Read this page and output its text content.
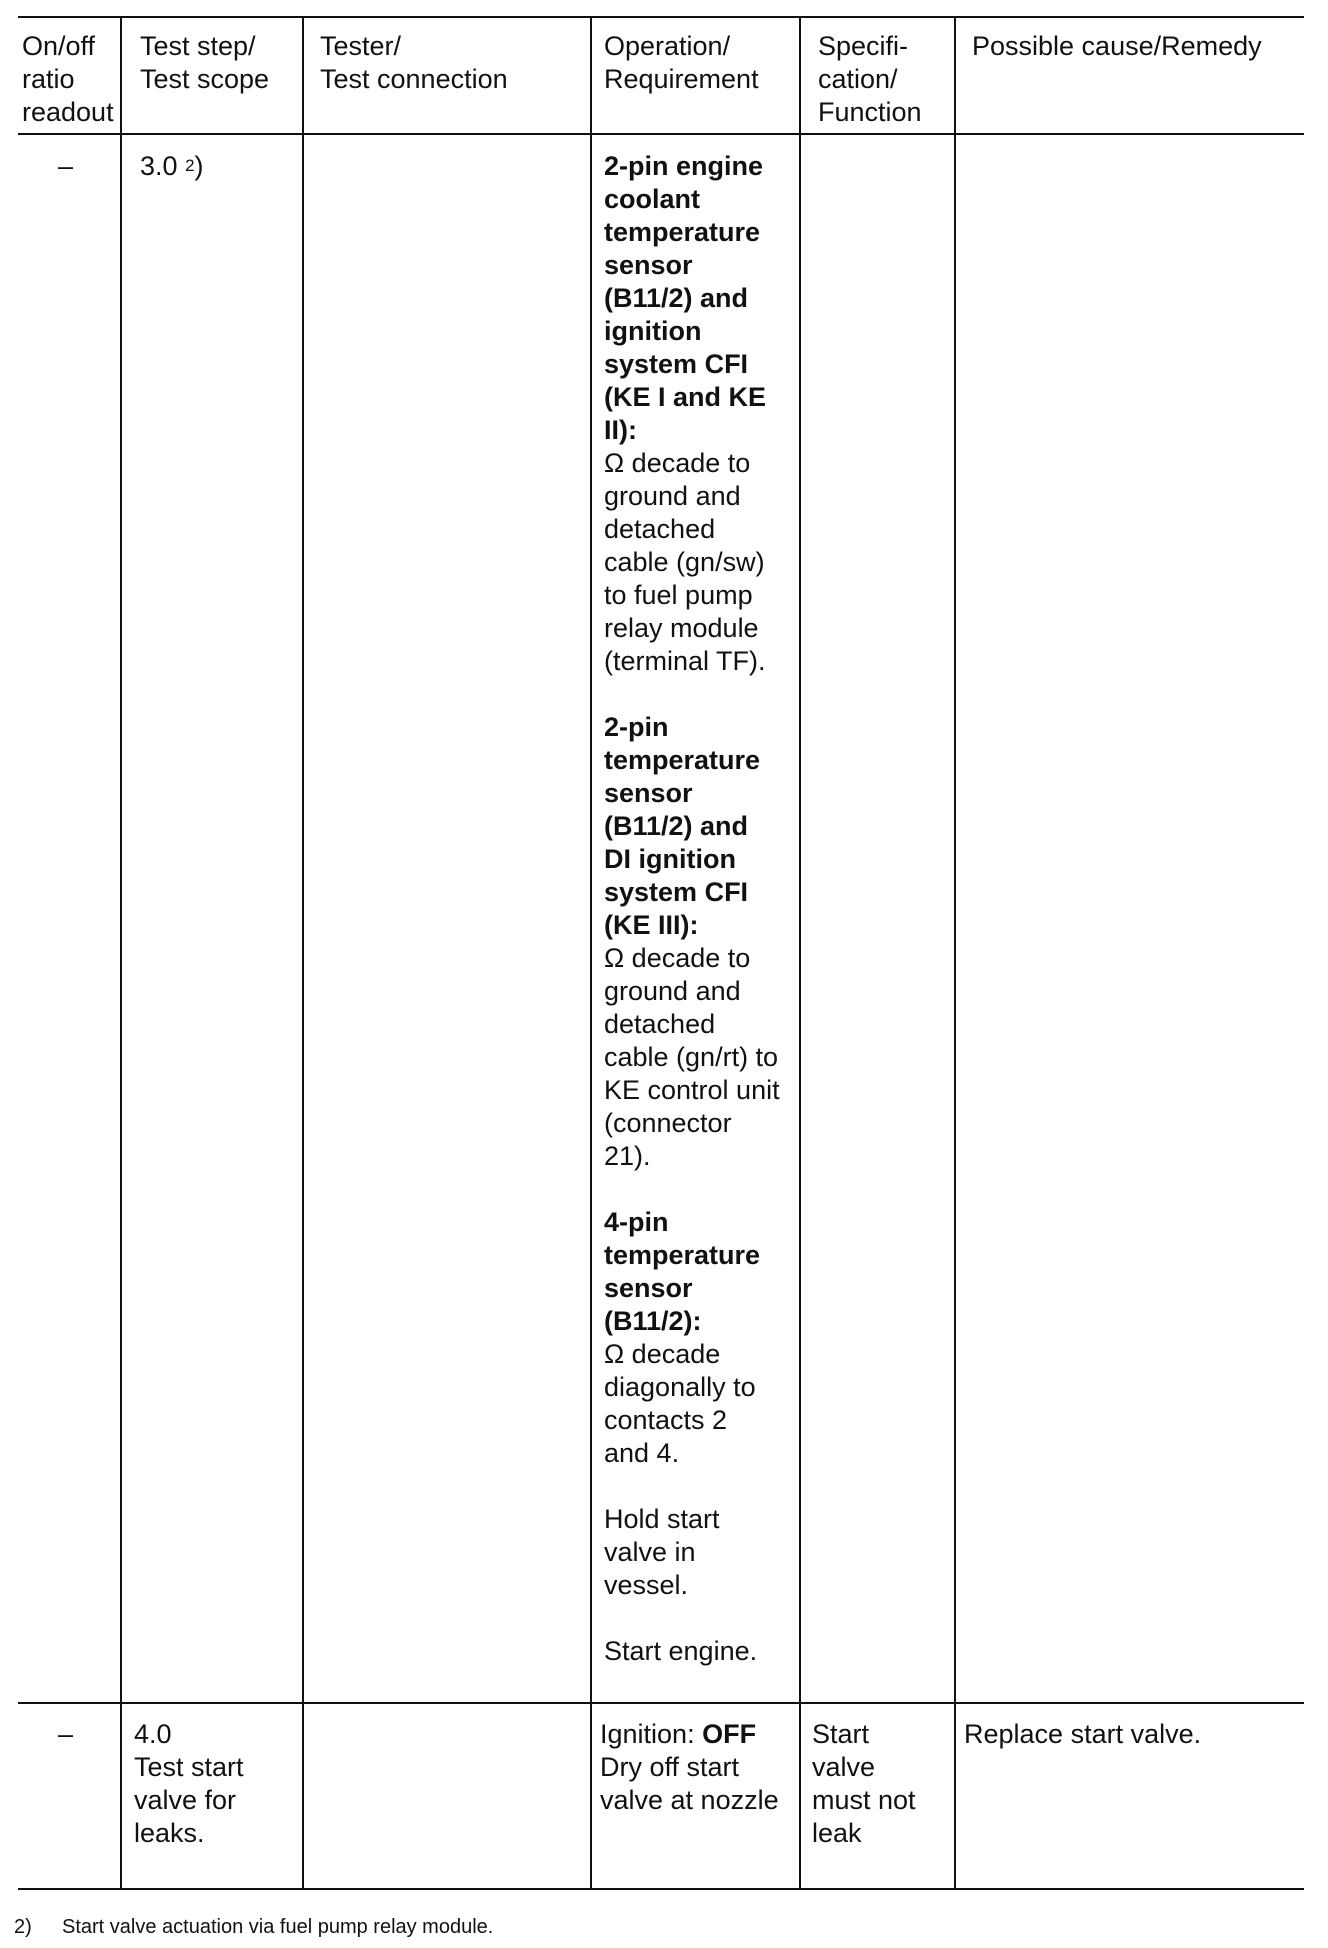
On/off
ratio
readout
Test step/
Test scope
Tester/
Test connection
Operation/
Requirement
Specifi-
cation/
Function
Possible cause/Remedy
– 3.0 $^2$)	2-pin engine
coolant
temperature
sensor
(B11/2) and
ignition
system CFI
(KE I and KE
II):
Ω decade to
ground and
detached
cable (gn/sw)
to fuel pump
relay module
(terminal TF).
2-pin
temperature
sensor
(B11/2) and
DI ignition
system CFI
(KE III):
Ω decade to
ground and
detached
cable (gn/rt) to
KE control unit
(connector
21).
4-pin
temperature
sensor
(B11/2):
Ω decade
diagonally to
contacts 2
and 4.
Hold start
valve in
vessel.
Start engine.
– 4.0
Test start
valve for
leaks.
Ignition: OFF
Dry off start
valve at nozzle
Start
valve
must not
leak
Replace start valve.
2) Start valve actuation via fuel pump relay module.
